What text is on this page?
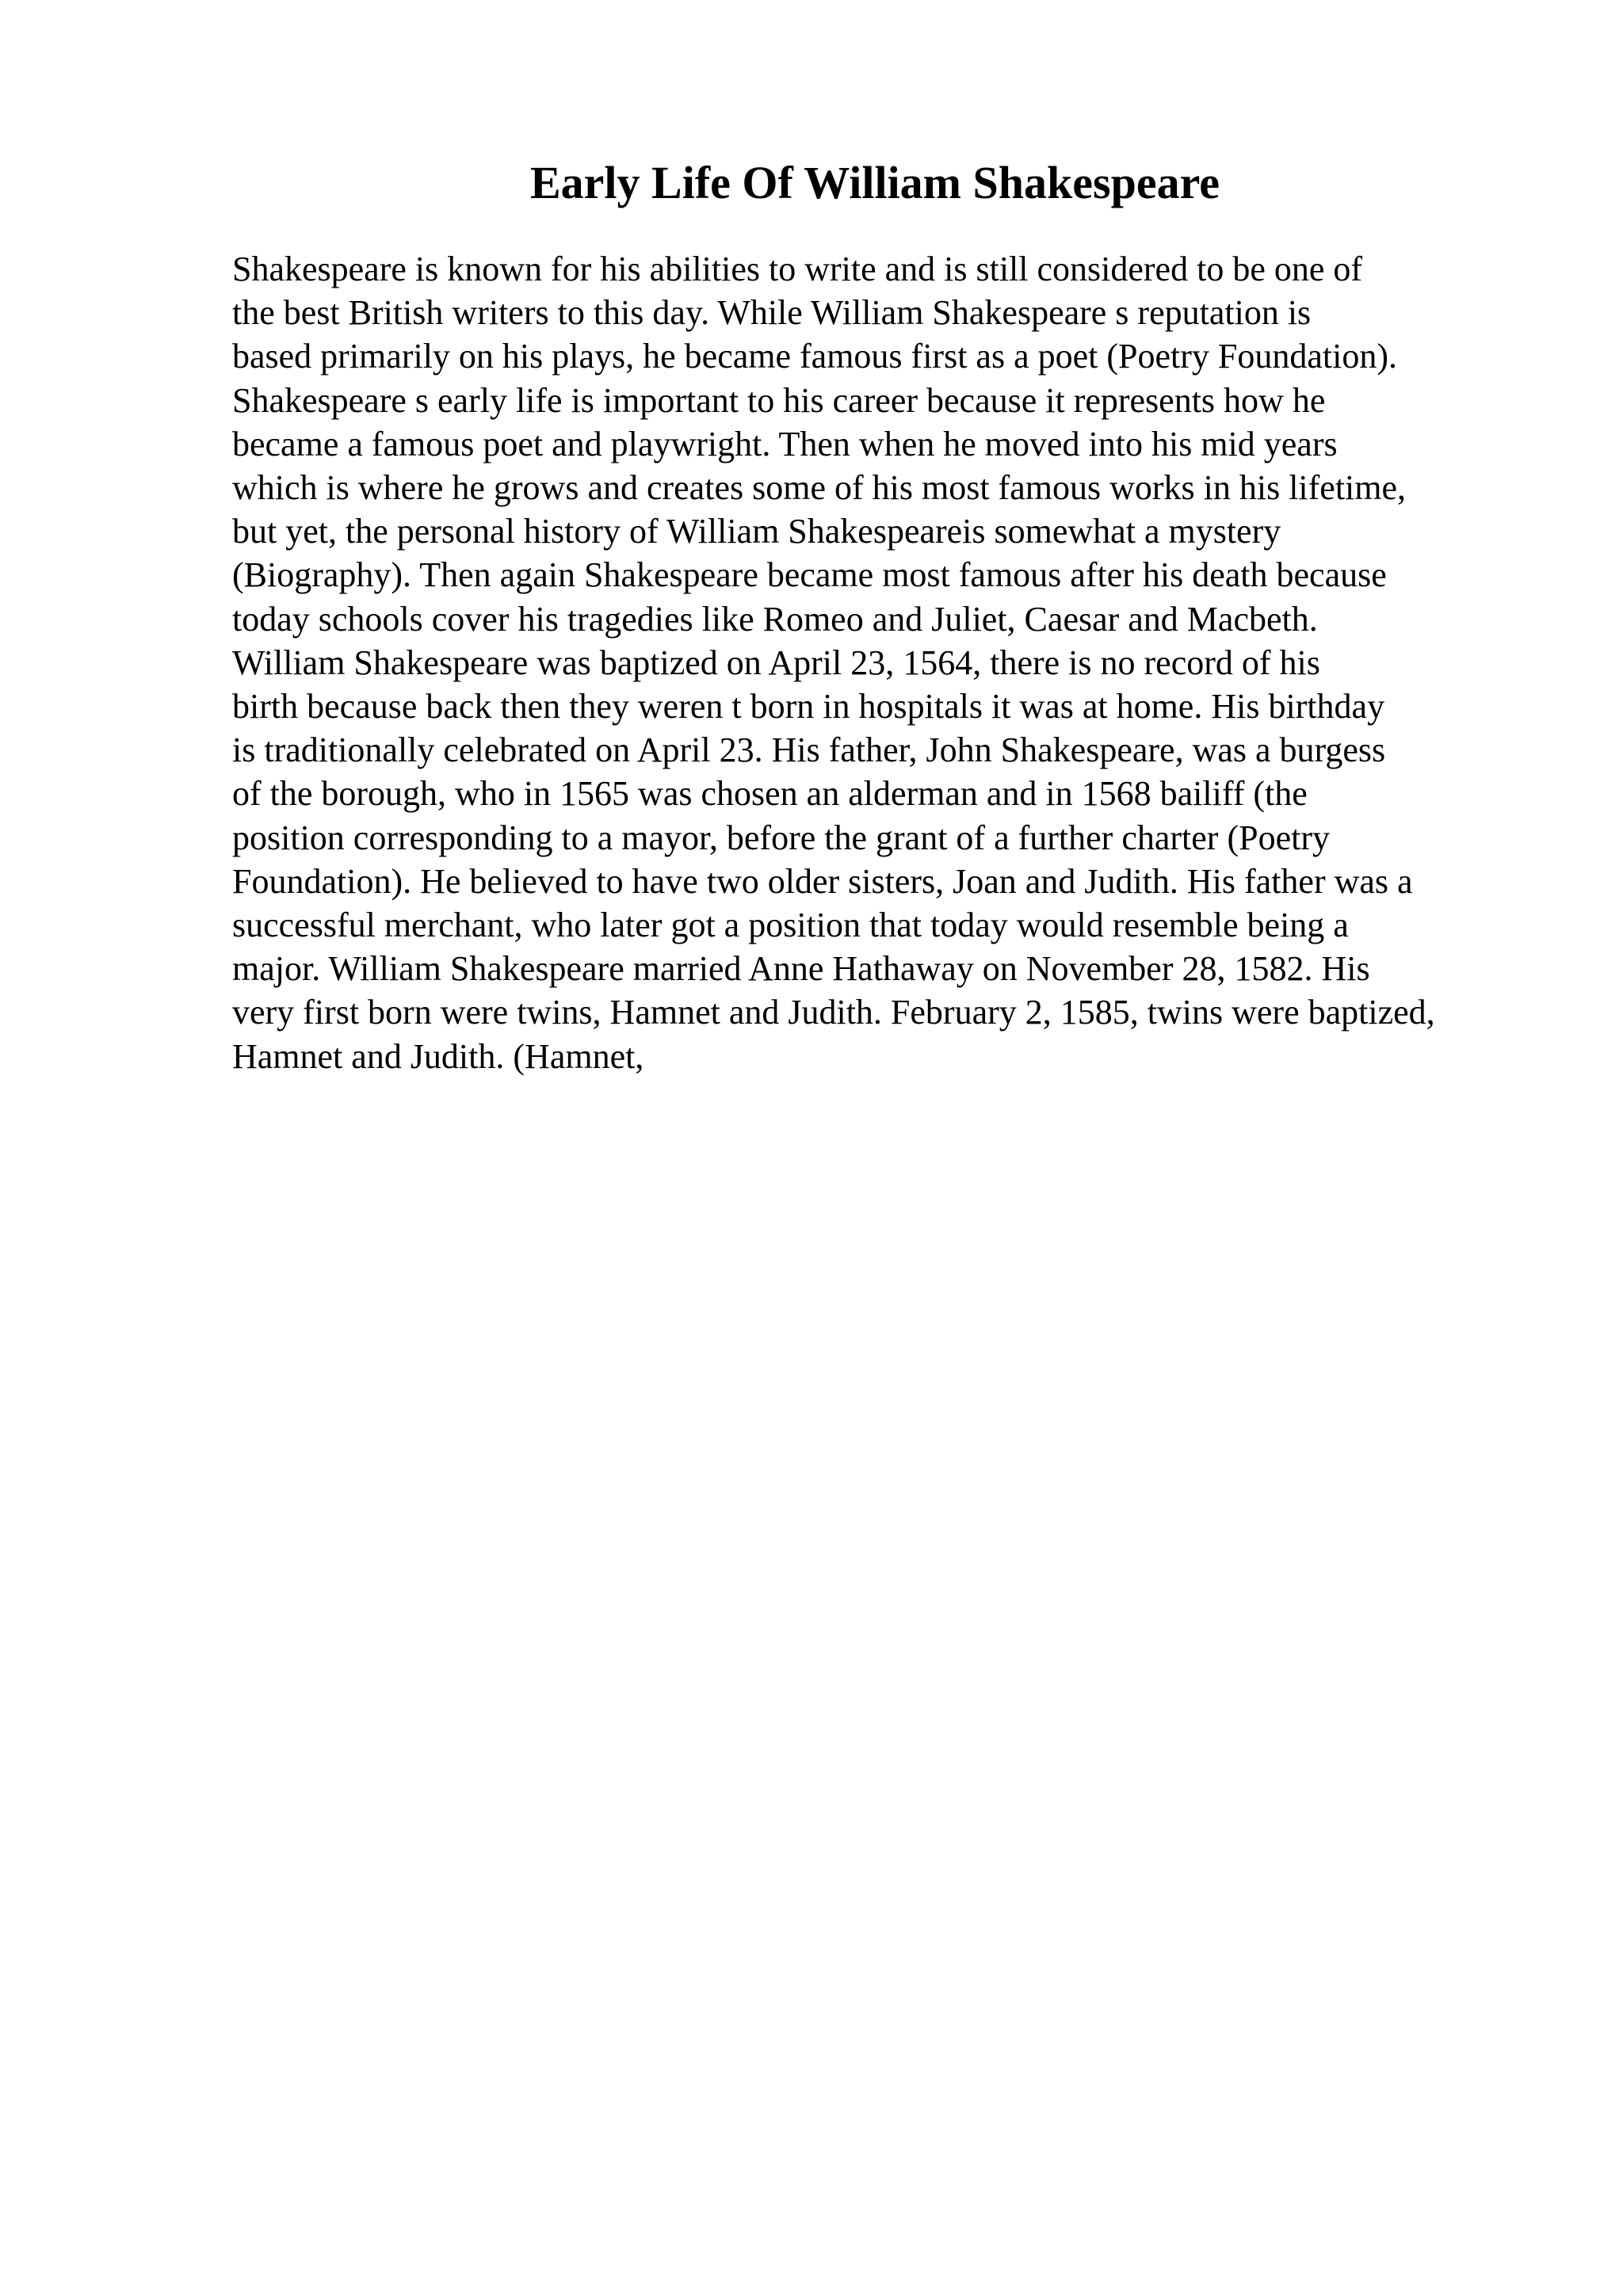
Early Life Of William Shakespeare
Shakespeare is known for his abilities to write and is still considered to be one of
the best British writers to this day. While William Shakespeare s reputation is
based primarily on his plays, he became famous first as a poet (Poetry Foundation).
Shakespeare s early life is important to his career because it represents how he
became a famous poet and playwright. Then when he moved into his mid years
which is where he grows and creates some of his most famous works in his lifetime,
but yet, the personal history of William Shakespeareis somewhat a mystery
(Biography). Then again Shakespeare became most famous after his death because
today schools cover his tragedies like Romeo and Juliet, Caesar and Macbeth.
William Shakespeare was baptized on April 23, 1564, there is no record of his
birth because back then they weren t born in hospitals it was at home. His birthday
is traditionally celebrated on April 23. His father, John Shakespeare, was a burgess
of the borough, who in 1565 was chosen an alderman and in 1568 bailiff (the
position corresponding to a mayor, before the grant of a further charter (Poetry
Foundation). He believed to have two older sisters, Joan and Judith. His father was a
successful merchant, who later got a position that today would resemble being a
major. William Shakespeare married Anne Hathaway on November 28, 1582. His
very first born were twins, Hamnet and Judith. February 2, 1585, twins were baptized,
Hamnet and Judith. (Hamnet,
